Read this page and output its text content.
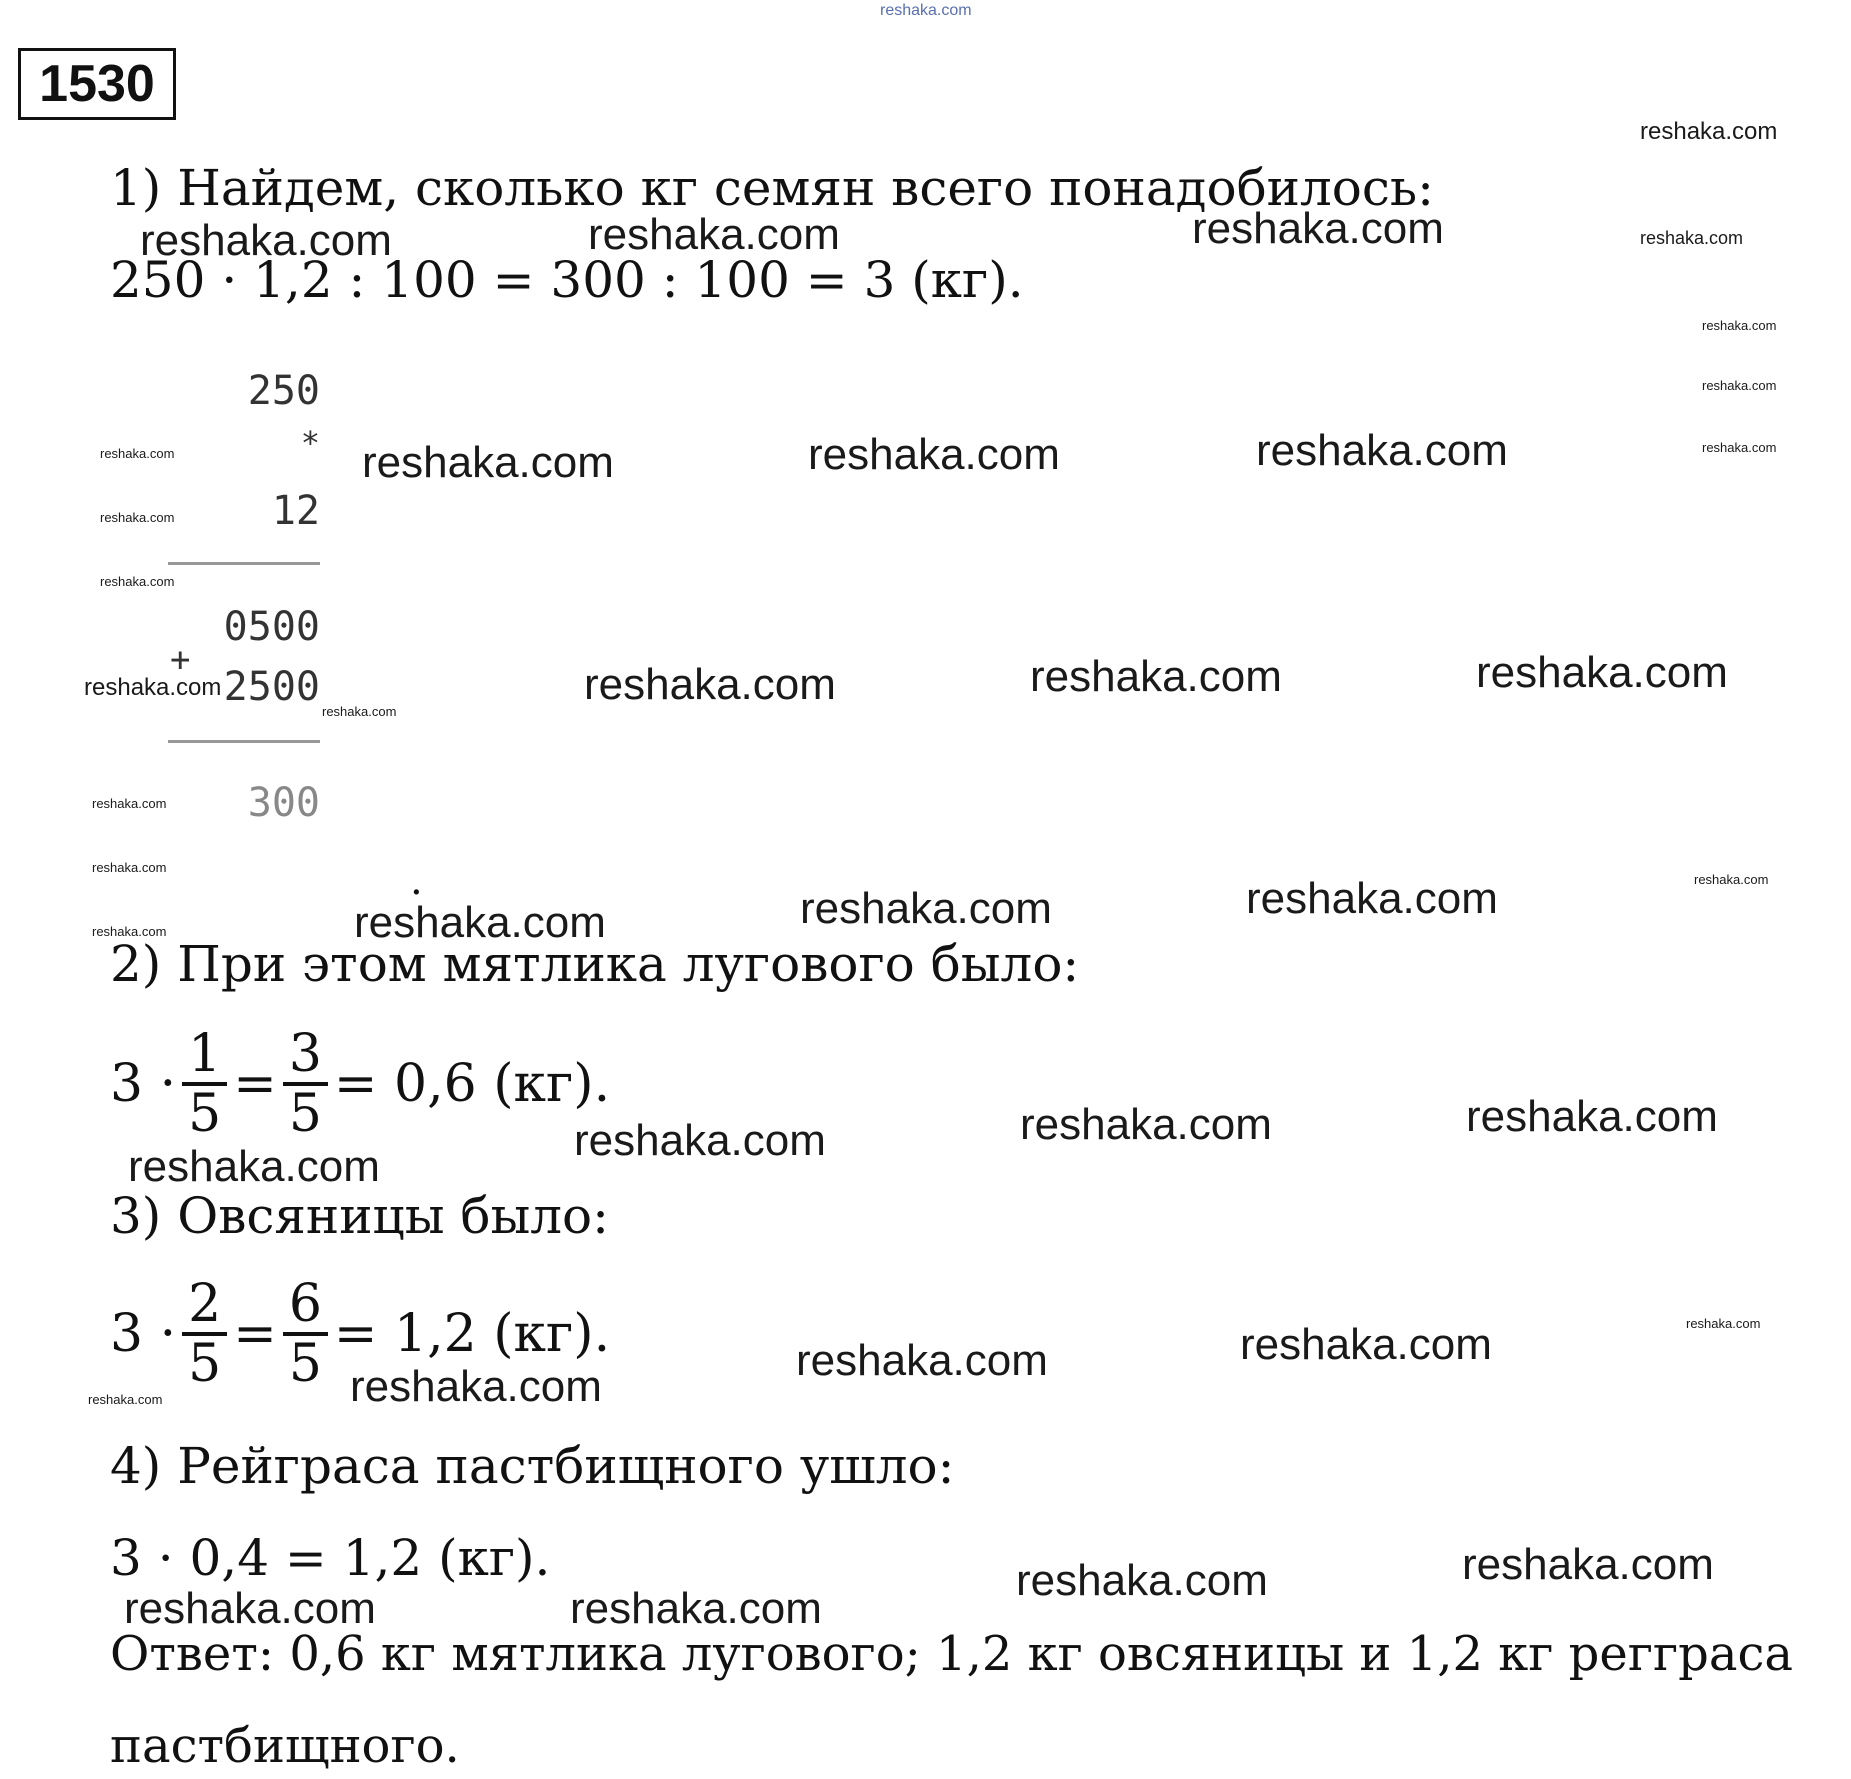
reshaka.com
1530
1) Найдем, сколько кг семян всего понадобилось:
250 · 1,2 : 100 = 300 : 100 = 3 (кг).
250
*
12
0500
+
2500
300
.
2) При этом мятлика лугового было:
$3 \cdot \frac{1}{5} = \frac{3}{5} = 0,6$ (кг).
3) Овсяницы было:
$3 \cdot \frac{2}{5} = \frac{6}{5} = 1,2$ (кг).
4) Рейграса пастбищного ушло:
3 · 0,4 = 1,2 (кг).
Ответ: 0,6 кг мятлика лугового; 1,2 кг овсяницы и 1,2 кг регграса
пастбищного.
reshaka.com
reshaka.com	reshaka.com	reshaka.com	reshaka.com
reshaka.com
reshaka.com
reshaka.com
reshaka.com	reshaka.com	reshaka.com	reshaka.com
reshaka.com
reshaka.com
reshaka.com
reshaka.com
reshaka.com	reshaka.com	reshaka.com
reshaka.com
reshaka.com
reshaka.com
reshaka.com	reshaka.com	reshaka.com
reshaka.com
reshaka.com	reshaka.com	reshaka.com
reshaka.com
reshaka.com
reshaka.com	reshaka.com
reshaka.com	reshaka.com
reshaka.com	reshaka.com
reshaka.com	reshaka.com
